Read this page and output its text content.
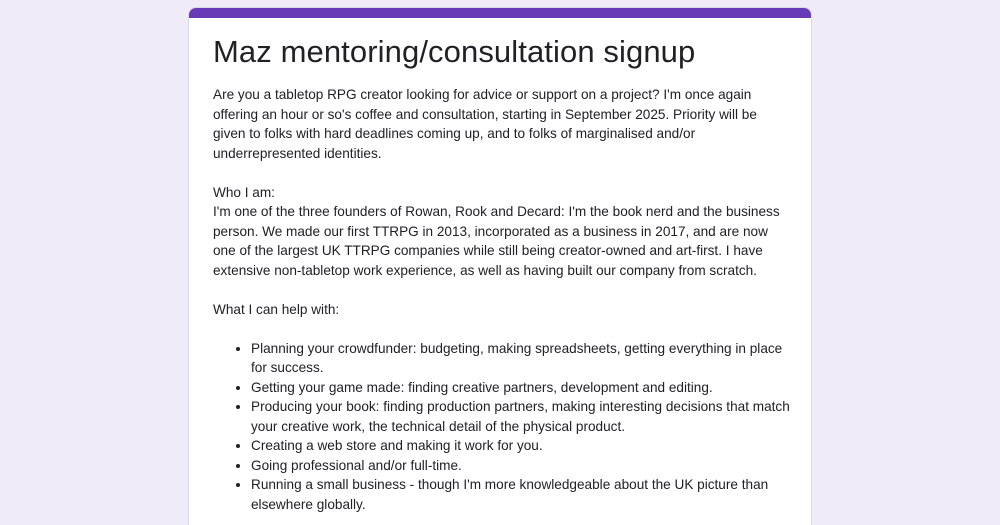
Maz mentoring/consultation signup

Are you a tabletop RPG creator looking for advice or support on a project? I'm once again offering an hour or so's coffee and consultation, starting in September 2025. Priority will be given to folks with hard deadlines coming up, and to folks of marginalised and/or underrepresented identities.

Who I am:

I'm one of the three founders of Rowan, Rook and Decard: I'm the book nerd and the business person. We made our first TTRPG in 2013, incorporated as a business in 2017, and are now one of the largest UK TTRPG companies while still being creator-owned and art-first. I have extensive non-tabletop work experience, as well as having built our company from scratch.

What I can help with:

• Planning your crowdfunder: budgeting, making spreadsheets, getting everything in place for success.
• Getting your game made: finding creative partners, development and editing.
• Producing your book: finding production partners, making interesting decisions that match your creative work, the technical detail of the physical product.
• Creating a web store and making it work for you.
• Going professional and/or full-time.
• Running a small business - though I'm more knowledgeable about the UK picture than elsewhere globally.
